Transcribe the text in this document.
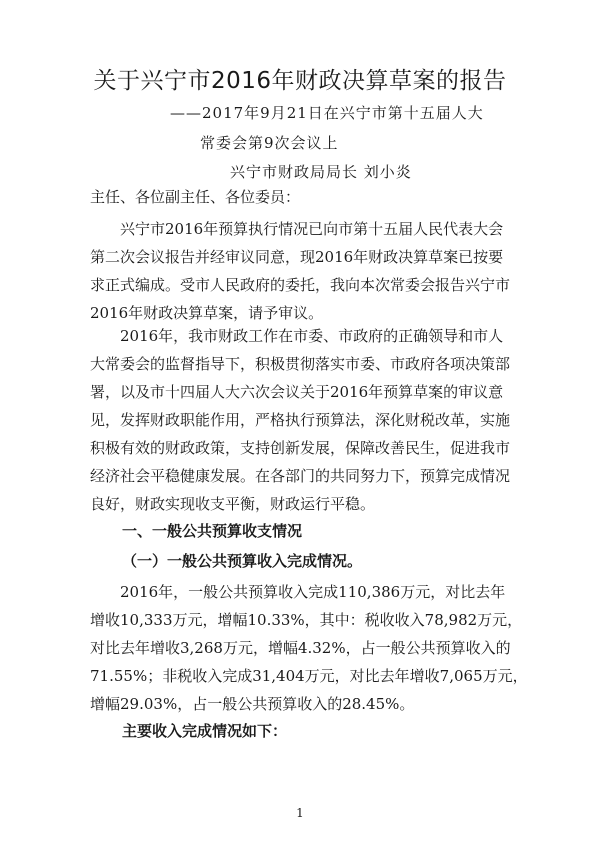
关于兴宁市2016年财政决算草案的报告
——2017年9月21日在兴宁市第十五届人大
常委会第9次会议上
兴宁市财政局局长 刘小炎
主任、各位副主任、各位委员：
兴宁市2016年预算执行情况已向市第十五届人民代表大会
第二次会议报告并经审议同意，现2016年财政决算草案已按要
求正式编成。受市人民政府的委托，我向本次常委会报告兴宁市
2016年财政决算草案，请予审议。
2016年，我市财政工作在市委、市政府的正确领导和市人
大常委会的监督指导下，积极贯彻落实市委、市政府各项决策部
署，以及市十四届人大六次会议关于2016年预算草案的审议意
见，发挥财政职能作用，严格执行预算法，深化财税改革，实施
积极有效的财政政策，支持创新发展，保障改善民生，促进我市
经济社会平稳健康发展。在各部门的共同努力下，预算完成情况
良好，财政实现收支平衡，财政运行平稳。
一、一般公共预算收支情况
（一）一般公共预算收入完成情况。
2016年，一般公共预算收入完成110,386万元，对比去年
增收10,333万元，增幅10.33%，其中：税收收入78,982万元，
对比去年增收3,268万元，增幅4.32%，占一般公共预算收入的
71.55%；非税收入完成31,404万元，对比去年增收7,065万元，
增幅29.03%，占一般公共预算收入的28.45%。
主要收入完成情况如下：
1
